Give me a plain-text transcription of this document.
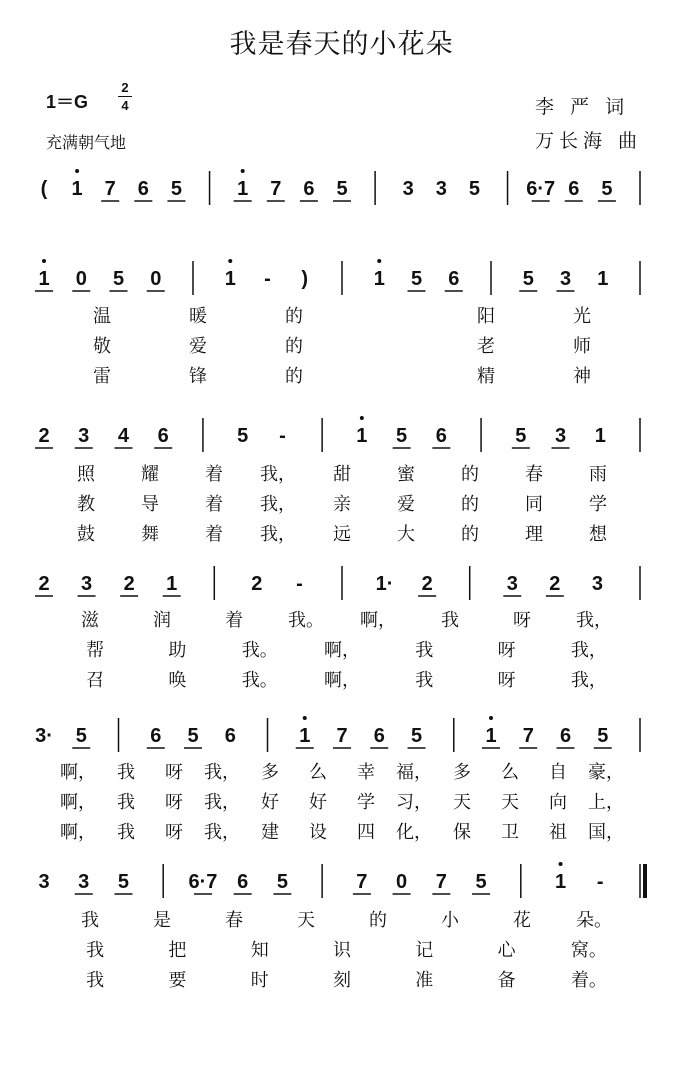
我是春天的小花朵
1＝G
2
4
充满朝气地
李 严 词
万长海 曲
( 1 7 6 5	1 7 6 5	3 3 5 6·7 6 5
1 0 5 0	1 - )	1 5 6	5 3 1
2 3 4 6	5 -	1 5 6	5 3 1
2 3 2 1	2 -	1· 2	3 2 3
3· 5	6 5 6	1 7 6 5	1 7 6 5
3 3 5	6·7 6 5	7 0 7 5	1 -
温	暖	的	阳	光
敬	爱	的	老	师
雷	锋	的	精	神
照	耀	着 我， 甜	蜜	的	春	雨
教	导	着 我， 亲	爱	的	同	学
鼓	舞	着 我， 远	大	的	理	想
滋	润	着	我。 啊，	我	呀	我，
帮	助	我。	啊，	我	呀	我，
召	唤	我。	啊，	我	呀	我，
啊， 我 呀 我， 多 么 幸 福， 多 么 自 豪，
啊， 我 呀 我， 好 好 学 习， 天 天 向 上，
啊， 我 呀 我， 建 设 四 化， 保 卫 祖 国，
我	是	春	天	的	小	花	朵。
我	把	知	识	记	心	窝。
我	要	时	刻	准	备	着。
